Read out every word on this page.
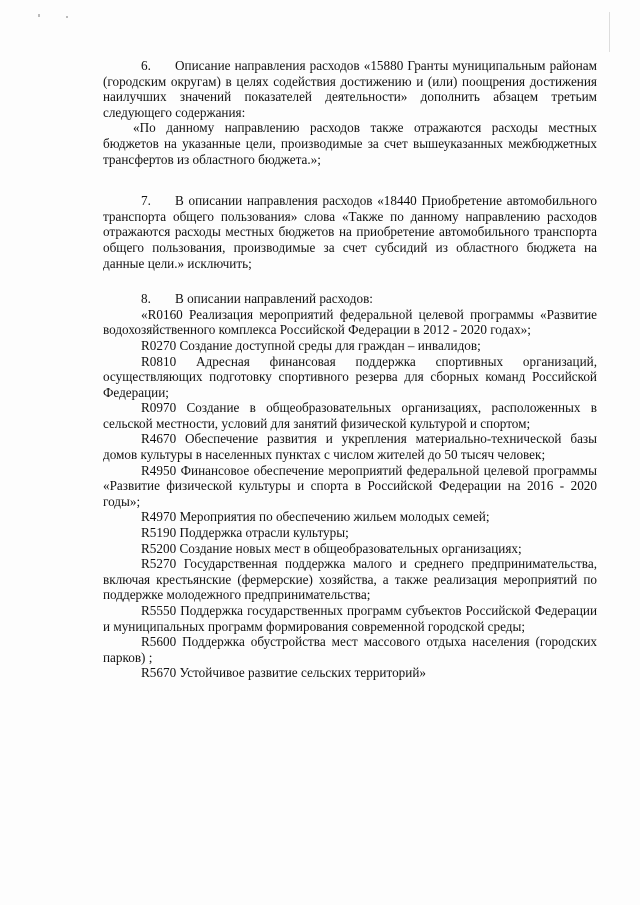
6. Описание направления расходов «15880 Гранты муниципальным районам (городским округам) в целях содействия достижению и (или) поощрения достижения наилучших значений показателей деятельности» дополнить абзацем третьим следующего содержания:

«По данному направлению расходов также отражаются расходы местных бюджетов на указанные цели, производимые за счет вышеуказанных межбюджетных трансфертов из областного бюджета.»;

7. В описании направления расходов «18440 Приобретение автомобильного транспорта общего пользования» слова «Также по данному направлению расходов отражаются расходы местных бюджетов на приобретение автомобильного транспорта общего пользования, производимые за счет субсидий из областного бюджета на данные цели.» исключить;

8. В описании направлений расходов:

«R0160 Реализация мероприятий федеральной целевой программы «Развитие водохозяйственного комплекса Российской Федерации в 2012 - 2020 годах»;

R0270 Создание доступной среды для граждан – инвалидов;

R0810 Адресная финансовая поддержка спортивных организаций, осуществляющих подготовку спортивного резерва для сборных команд Российской Федерации;

R0970 Создание в общеобразовательных организациях, расположенных в сельской местности, условий для занятий физической культурой и спортом;

R4670 Обеспечение развития и укрепления материально-технической базы домов культуры в населенных пунктах с числом жителей до 50 тысяч человек;

R4950 Финансовое обеспечение мероприятий федеральной целевой программы «Развитие физической культуры и спорта в Российской Федерации на 2016 - 2020 годы»;

R4970 Мероприятия по обеспечению жильем молодых семей;

R5190 Поддержка отрасли культуры;

R5200 Создание новых мест в общеобразовательных организациях;

R5270 Государственная поддержка малого и среднего предпринимательства, включая крестьянские (фермерские) хозяйства, а также реализация мероприятий по поддержке молодежного предпринимательства;

R5550 Поддержка государственных программ субъектов Российской Федерации и муниципальных программ формирования современной городской среды;

R5600 Поддержка обустройства мест массового отдыха населения (городских парков) ;

R5670 Устойчивое развитие сельских территорий»
